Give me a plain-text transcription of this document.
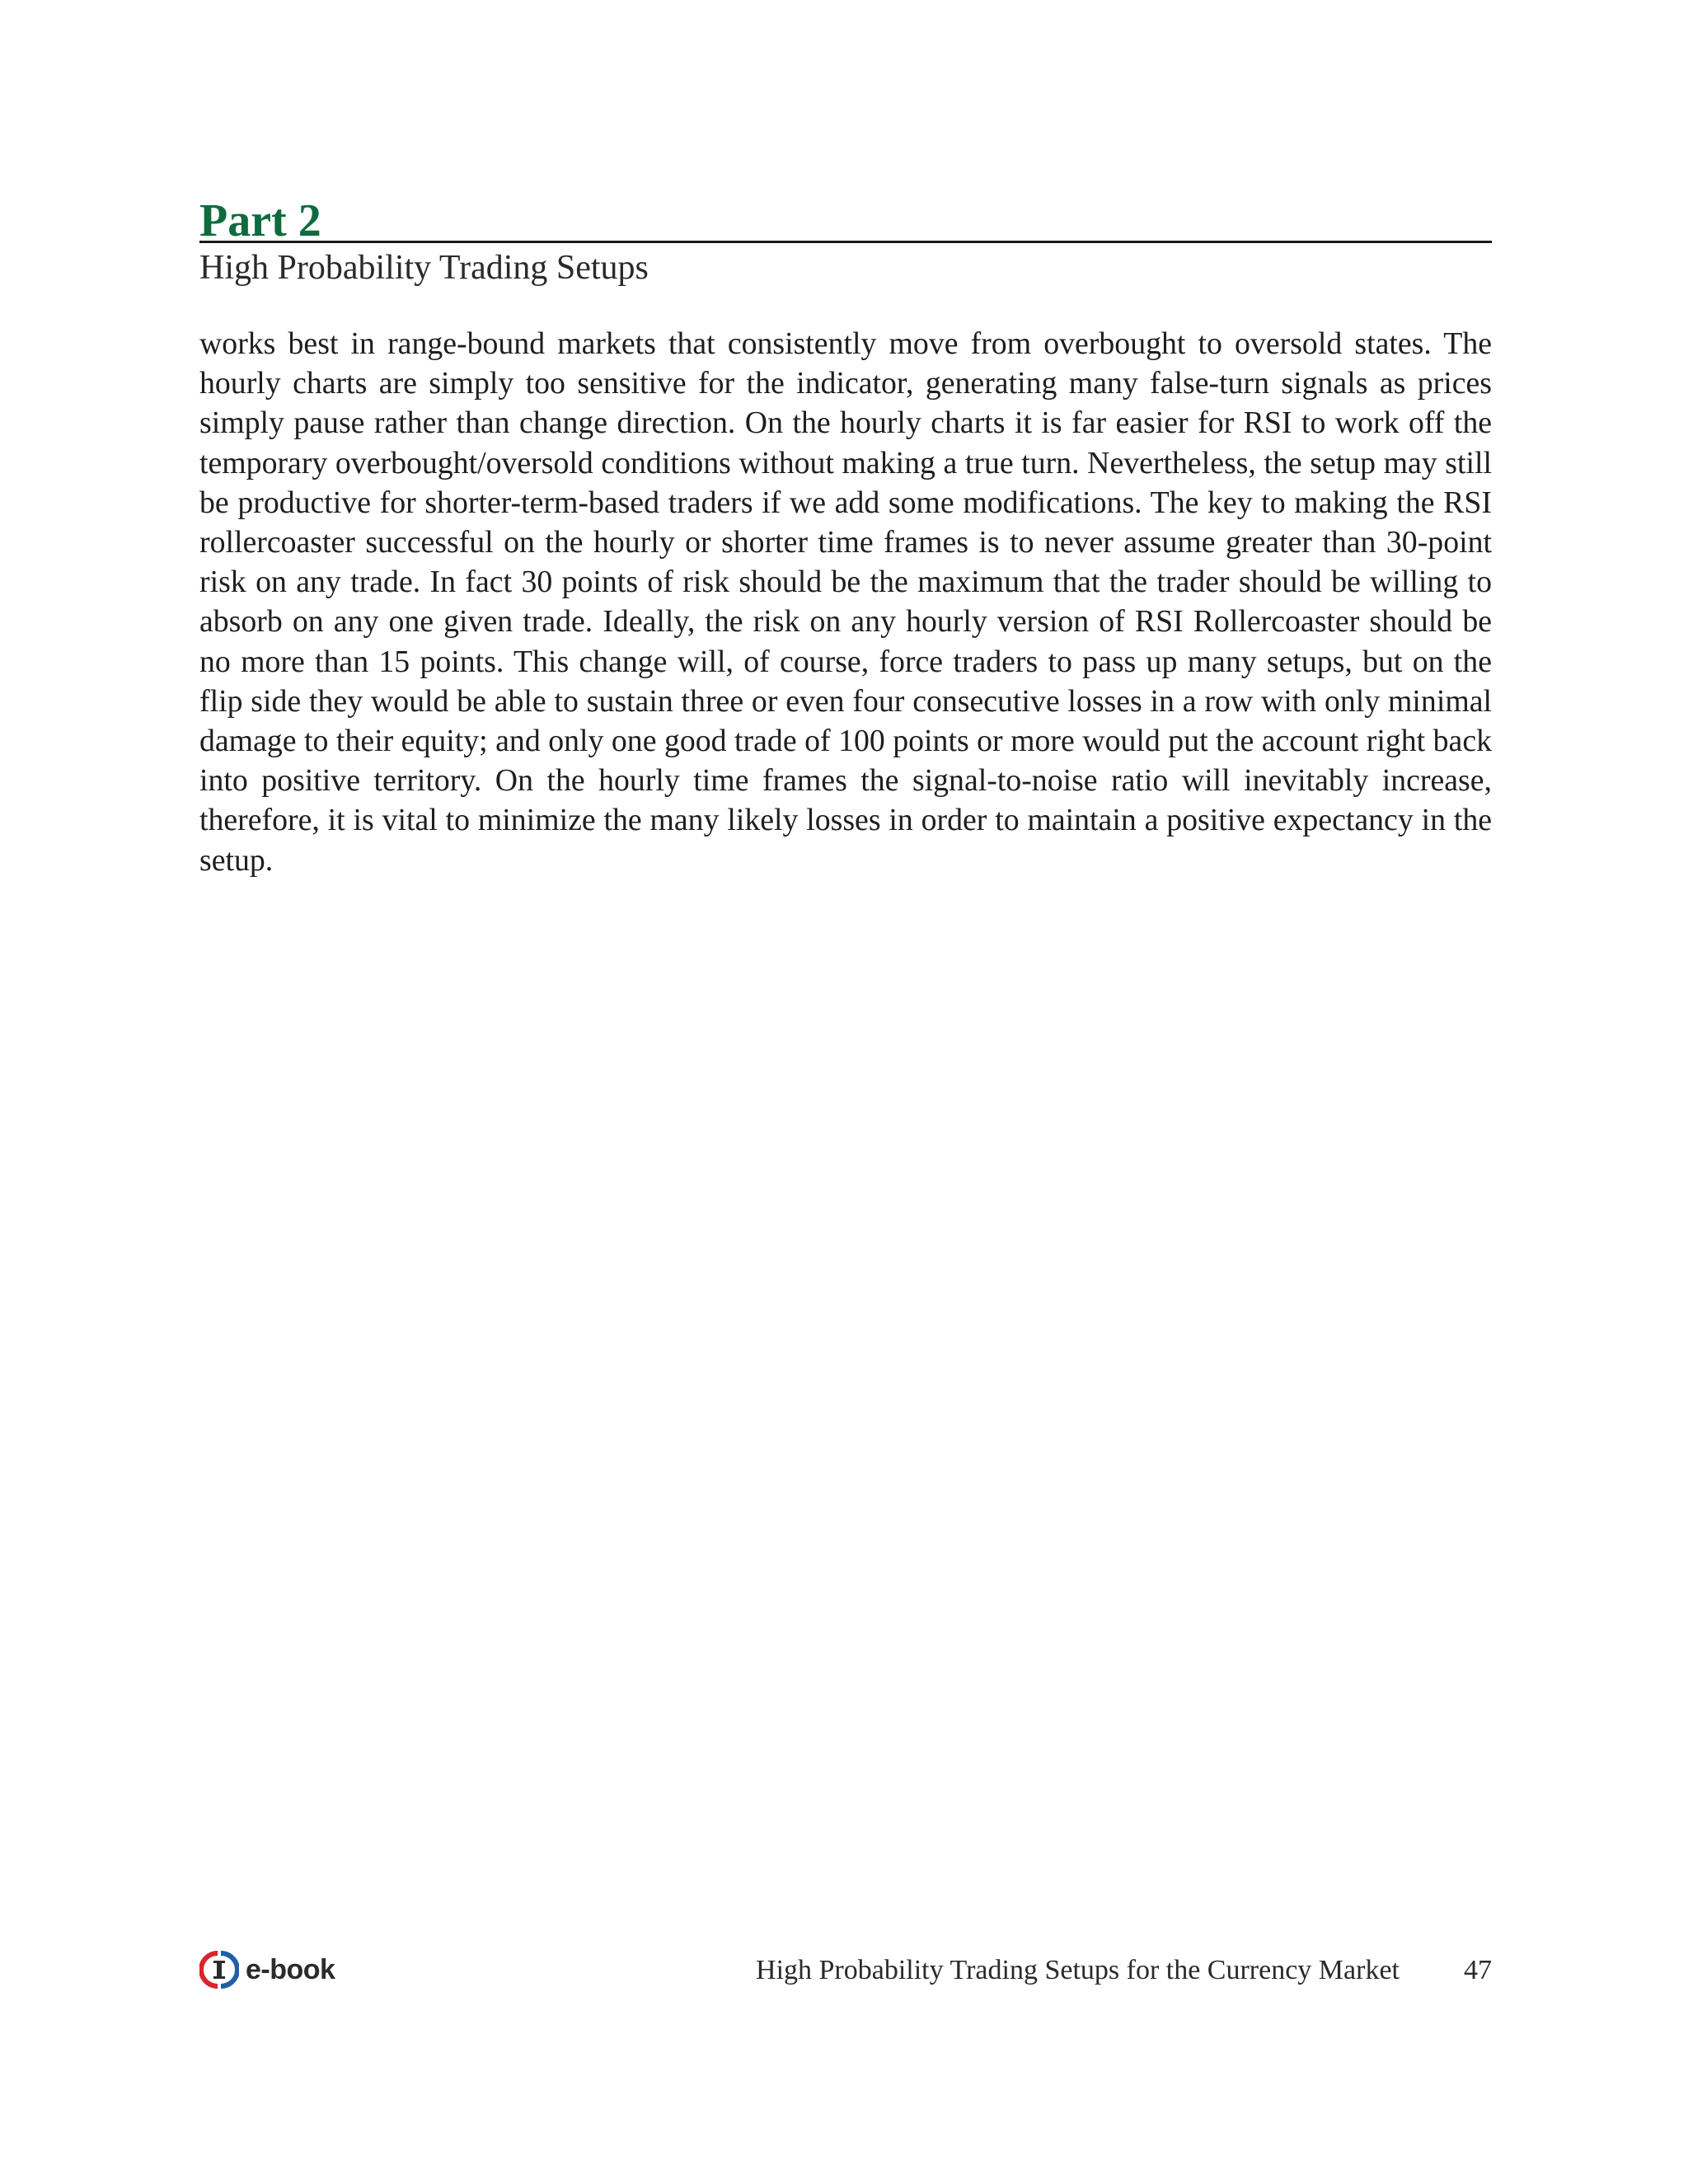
Part 2
High Probability Trading Setups

works best in range-bound markets that consistently move from overbought to oversold states. The hourly charts are simply too sensitive for the indicator, generating many false-turn signals as prices simply pause rather than change direction. On the hourly charts it is far easier for RSI to work off the temporary overbought/oversold conditions without making a true turn. Nevertheless, the setup may still be productive for shorter-term-based traders if we add some modifications. The key to making the RSI rollercoaster successful on the hourly or shorter time frames is to never assume greater than 30-point risk on any trade. In fact 30 points of risk should be the maximum that the trader should be willing to absorb on any one given trade. Ideally, the risk on any hourly version of RSI Rollercoaster should be no more than 15 points. This change will, of course, force traders to pass up many setups, but on the flip side they would be able to sustain three or even four consecutive losses in a row with only minimal damage to their equity; and only one good trade of 100 points or more would put the account right back into positive territory. On the hourly time frames the signal-to-noise ratio will inevitably increase, therefore, it is vital to minimize the many likely losses in order to maintain a positive expectancy in the setup.

e-book	High Probability Trading Setups for the Currency Market 47
